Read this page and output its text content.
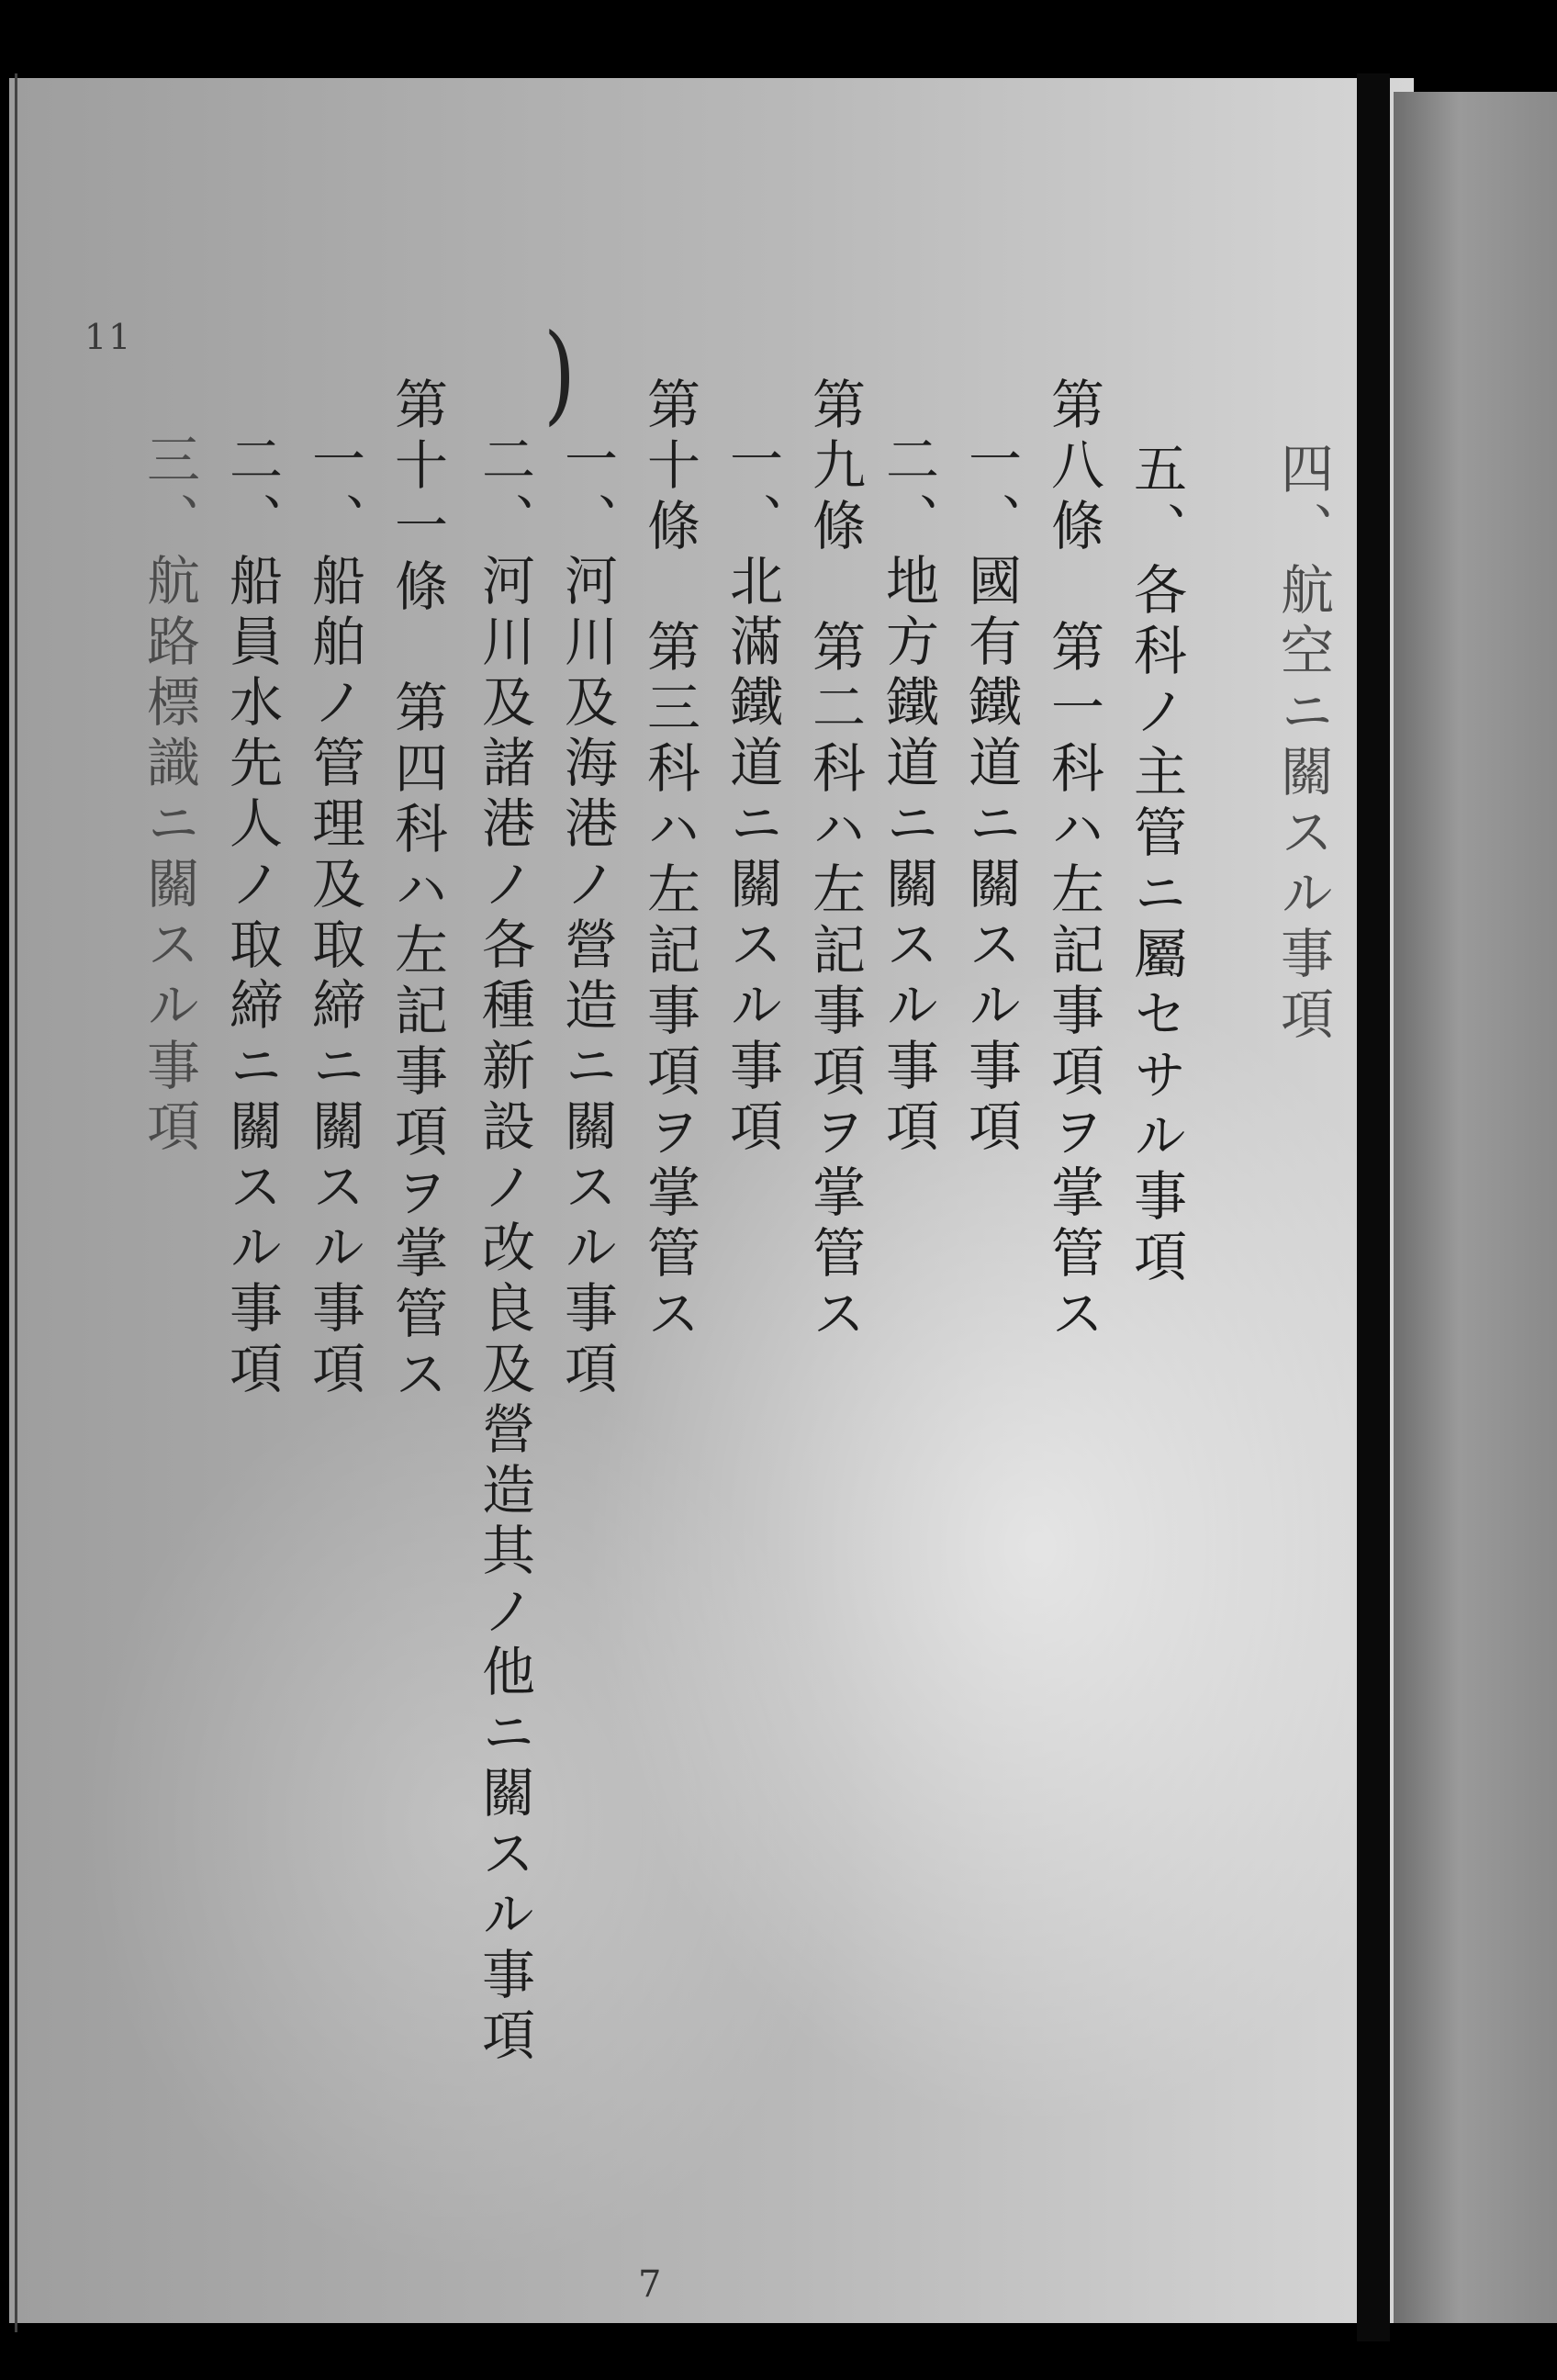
11	)
四、航空ニ關スル事項
五、各科ノ主管ニ屬セサル事項
第八條　第一科ハ左記事項ヲ掌管ス
一、國有鐵道ニ關スル事項
二、地方鐵道ニ關スル事項
第九條　第二科ハ左記事項ヲ掌管ス
一、北滿鐵道ニ關スル事項
第十條　第三科ハ左記事項ヲ掌管ス
一、河川及海港ノ營造ニ關スル事項
二、河川及諸港ノ各種新設ノ改良及營造其ノ他ニ關スル事項
第十一條　第四科ハ左記事項ヲ掌管ス
一、船舶ノ管理及取締ニ關スル事項
二、船員水先人ノ取締ニ關スル事項
三、航路標識ニ關スル事項
7
